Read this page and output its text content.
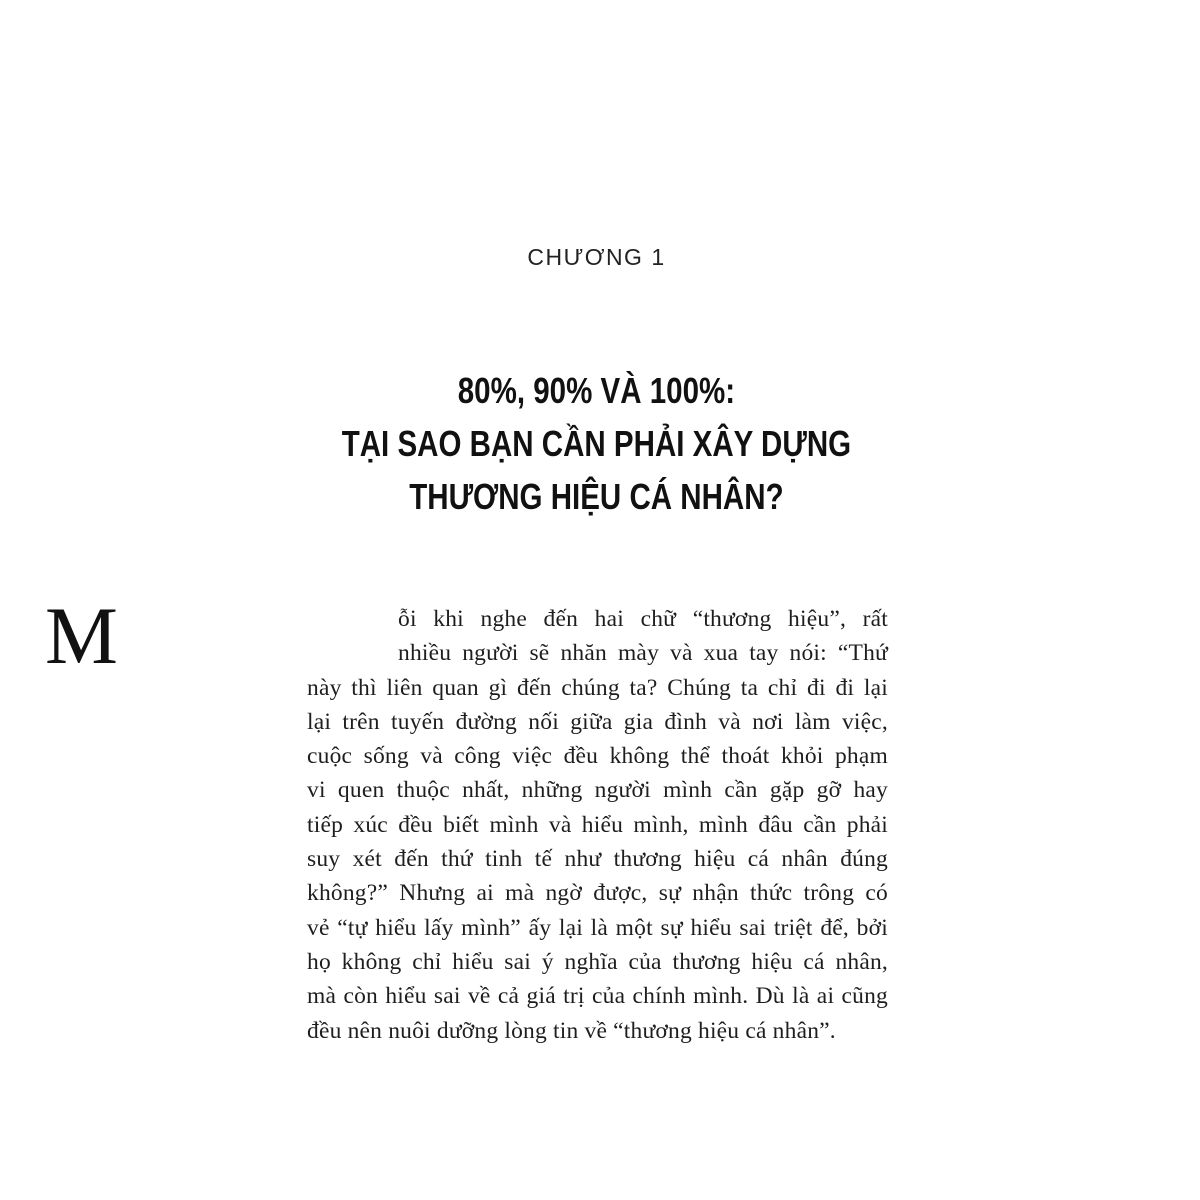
CHƯƠNG 1
80%, 90% VÀ 100%:
TẠI SAO BẠN CẦN PHẢI XÂY DỰNG
THƯƠNG HIỆU CÁ NHÂN?
M	ỗi khi nghe đến hai chữ “thương hiệu”, rất
nhiều người sẽ nhăn mày và xua tay nói: “Thứ
này thì liên quan gì đến chúng ta? Chúng ta chỉ đi đi lại
lại trên tuyến đường nối giữa gia đình và nơi làm việc,
cuộc sống và công việc đều không thể thoát khỏi phạm
vi quen thuộc nhất, những người mình cần gặp gỡ hay
tiếp xúc đều biết mình và hiểu mình, mình đâu cần phải
suy xét đến thứ tinh tế như thương hiệu cá nhân đúng
không?” Nhưng ai mà ngờ được, sự nhận thức trông có
vẻ “tự hiểu lấy mình” ấy lại là một sự hiểu sai triệt để, bởi
họ không chỉ hiểu sai ý nghĩa của thương hiệu cá nhân,
mà còn hiểu sai về cả giá trị của chính mình. Dù là ai cũng
đều nên nuôi dưỡng lòng tin về “thương hiệu cá nhân”.
